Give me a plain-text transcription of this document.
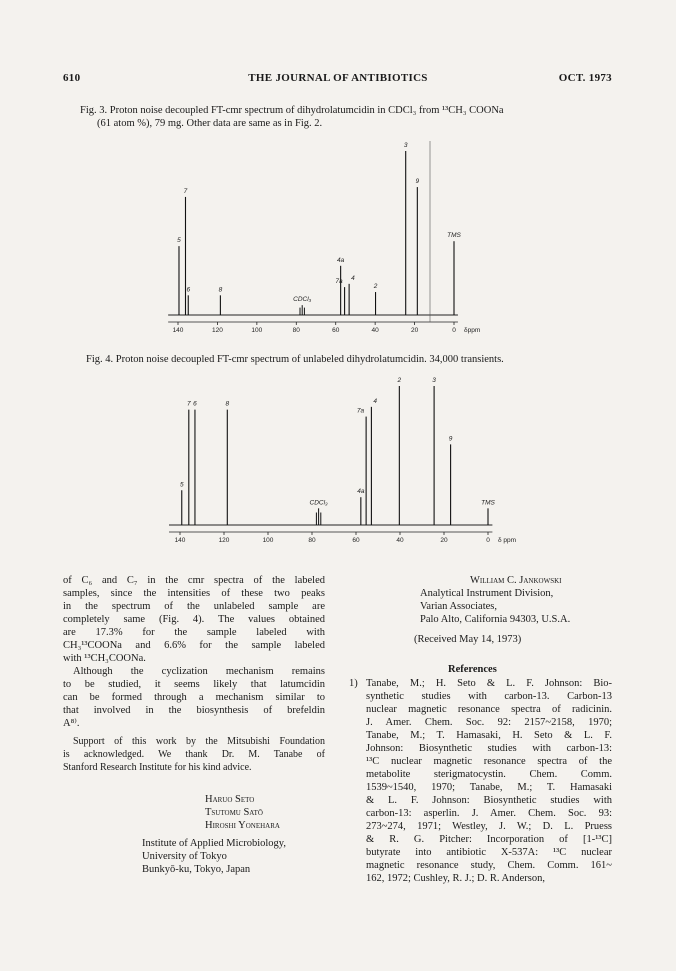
610	THE JOURNAL OF ANTIBIOTICS	OCT. 1973
Fig. 3. Proton noise decoupled FT-cmr spectrum of dihydrolatumcidin in CDCl₃ from ¹³CH₃ COONa
(61 atom %), 79 mg. Other data are same as in Fig. 2.
140	120	100	80	60	40	20	0 δppm
5
7
6	8
CDCl₃
4a
7a 4
2
3
9
TMS
Fig. 4. Proton noise decoupled FT-cmr spectrum of unlabeled dihydrolatumcidin. 34,000 transients.
140	120	100	80	60	40	20	0 δ ppm
5
7 6	8
CDCl₃
4a
7a
4
2	3
9
TMS
of C₆ and C₇ in the cmr spectra of the labeled
samples, since the intensities of these two peaks
in the spectrum of the unlabeled sample are
completely same (Fig. 4). The values obtained
are 17.3% for the sample labeled with
CH₃¹³COONa and 6.6% for the sample labeled
with ¹³CH₃COONa.
Although the cyclization mechanism remains
to be studied, it seems likely that latumcidin
can be formed through a mechanism similar to
that involved in the biosynthesis of brefeldin
A⁸⁾.
Support of this work by the Mitsubishi Foundation
is acknowledged. We thank Dr. M. Tanabe of
Stanford Research Institute for his kind advice.
Haruo Seto
Tsutomu Satō
Hiroshi Yonehara
Institute of Applied Microbiology,
University of Tokyo
Bunkyō-ku, Tokyo, Japan
William C. Jankowski
Analytical Instrument Division,
Varian Associates,
Palo Alto, California 94303, U.S.A.
(Received May 14, 1973)
References
1) Tanabe, M.; H. Seto & L. F. Johnson: Bio-
synthetic studies with carbon-13. Carbon-13
nuclear magnetic resonance spectra of radicinin.
J. Amer. Chem. Soc. 92: 2157~2158, 1970;
Tanabe, M.; T. Hamasaki, H. Seto & L. F.
Johnson: Biosynthetic studies with carbon-13:
¹³C nuclear magnetic resonance spectra of the
metabolite sterigmatocystin. Chem. Comm.
1539~1540, 1970; Tanabe, M.; T. Hamasaki
& L. F. Johnson: Biosynthetic studies with
carbon-13: asperlin. J. Amer. Chem. Soc. 93:
273~274, 1971; Westley, J. W.; D. L. Pruess
& R. G. Pitcher: Incorporation of [1-¹³C]
butyrate into antibiotic X-537A: ¹³C nuclear
magnetic resonance study, Chem. Comm. 161~
162, 1972; Cushley, R. J.; D. R. Anderson,
